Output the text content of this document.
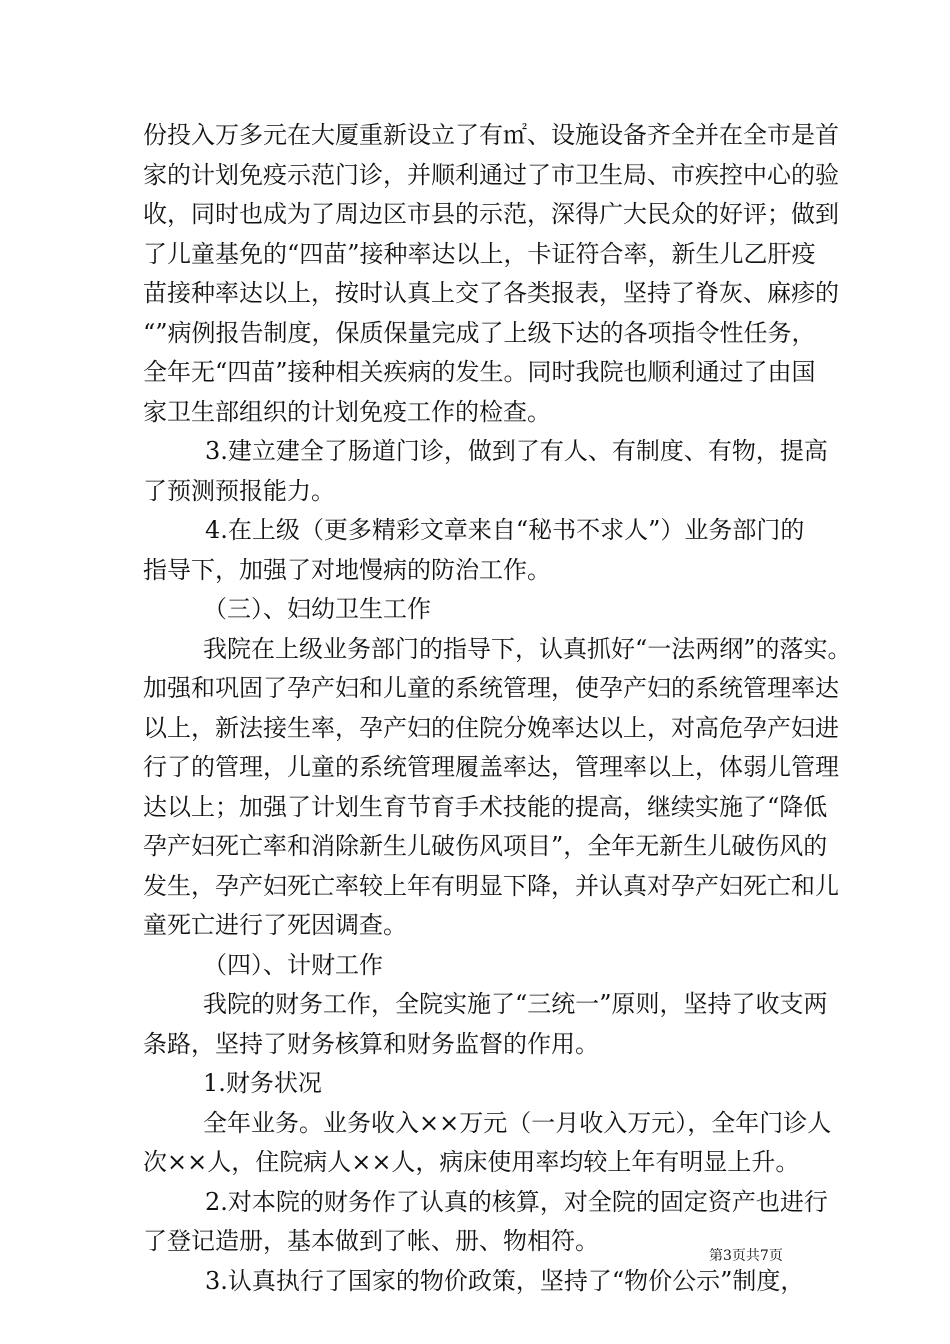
份投入万多元在大厦重新设立了有㎡、设施设备齐全并在全市是首
家的计划免疫示范门诊，并顺利通过了市卫生局、市疾控中心的验
收，同时也成为了周边区市县的示范，深得广大民众的好评；做到
了儿童基免的“四苗”接种率达以上，卡证符合率，新生儿乙肝疫
苗接种率达以上，按时认真上交了各类报表，坚持了脊灰、麻疹的
“”病例报告制度，保质保量完成了上级下达的各项指令性任务，
全年无“四苗”接种相关疾病的发生。同时我院也顺利通过了由国
家卫生部组织的计划免疫工作的检查。
3.建立建全了肠道门诊，做到了有人、有制度、有物，提高
了预测预报能力。
4.在上级（更多精彩文章来自“秘书不求人”）业务部门的
指导下，加强了对地慢病的防治工作。
（三）、妇幼卫生工作
我院在上级业务部门的指导下，认真抓好“一法两纲”的落实。
加强和巩固了孕产妇和儿童的系统管理，使孕产妇的系统管理率达
以上，新法接生率，孕产妇的住院分娩率达以上，对高危孕产妇进
行了的管理，儿童的系统管理履盖率达，管理率以上，体弱儿管理
达以上；加强了计划生育节育手术技能的提高，继续实施了“降低
孕产妇死亡率和消除新生儿破伤风项目”，全年无新生儿破伤风的
发生，孕产妇死亡率较上年有明显下降，并认真对孕产妇死亡和儿
童死亡进行了死因调查。
（四）、计财工作
我院的财务工作，全院实施了“三统一”原则，坚持了收支两
条路，坚持了财务核算和财务监督的作用。
1.财务状况
全年业务。业务收入××万元（一月收入万元），全年门诊人
次××人，住院病人××人，病床使用率均较上年有明显上升。
2.对本院的财务作了认真的核算，对全院的固定资产也进行
了登记造册，基本做到了帐、册、物相符。
3.认真执行了国家的物价政策，坚持了“物价公示”制度，
第3页共7页
